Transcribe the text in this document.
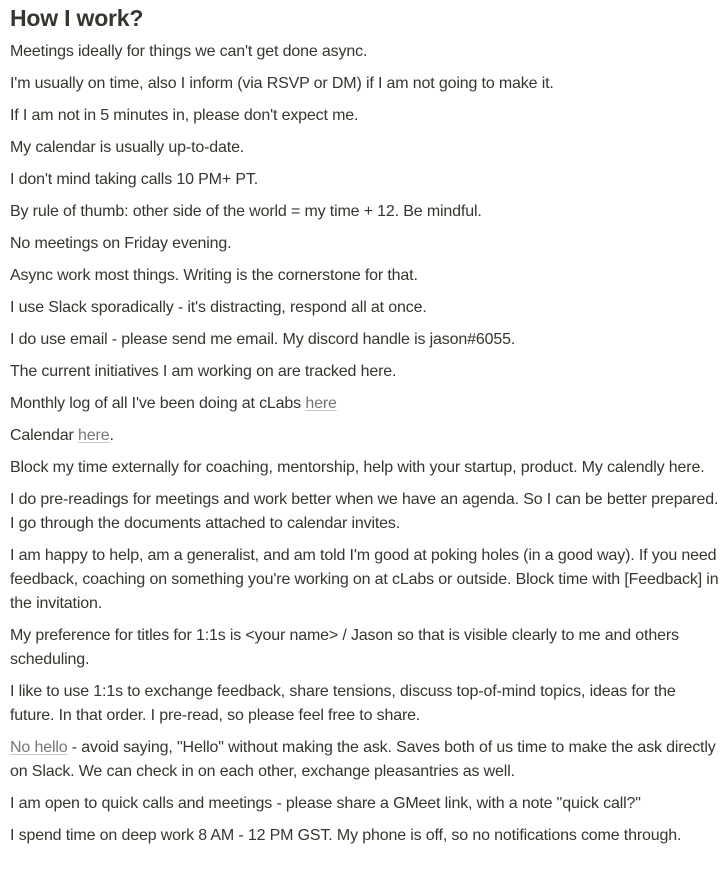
How I work?

Meetings ideally for things we can't get done async.

I'm usually on time, also I inform (via RSVP or DM) if I am not going to make it.

If I am not in 5 minutes in, please don't expect me.

My calendar is usually up-to-date.

I don't mind taking calls 10 PM+ PT.

By rule of thumb: other side of the world = my time + 12. Be mindful.

No meetings on Friday evening.

Async work most things. Writing is the cornerstone for that.

I use Slack sporadically - it's distracting, respond all at once.

I do use email - please send me email. My discord handle is jason#6055.

The current initiatives I am working on are tracked here.

Monthly log of all I've been doing at cLabs here

Calendar here.

Block my time externally for coaching, mentorship, help with your startup, product. My calendly here.

I do pre-readings for meetings and work better when we have an agenda. So I can be better prepared. I go through the documents attached to calendar invites.

I am happy to help, am a generalist, and am told I'm good at poking holes (in a good way). If you need feedback, coaching on something you're working on at cLabs or outside. Block time with [Feedback] in the invitation.

My preference for titles for 1:1s is <your name> / Jason so that is visible clearly to me and others scheduling.

I like to use 1:1s to exchange feedback, share tensions, discuss top-of-mind topics, ideas for the future. In that order. I pre-read, so please feel free to share.

No hello - avoid saying, "Hello" without making the ask. Saves both of us time to make the ask directly on Slack. We can check in on each other, exchange pleasantries as well.

I am open to quick calls and meetings - please share a GMeet link, with a note "quick call?"

I spend time on deep work 8 AM - 12 PM GST. My phone is off, so no notifications come through.
